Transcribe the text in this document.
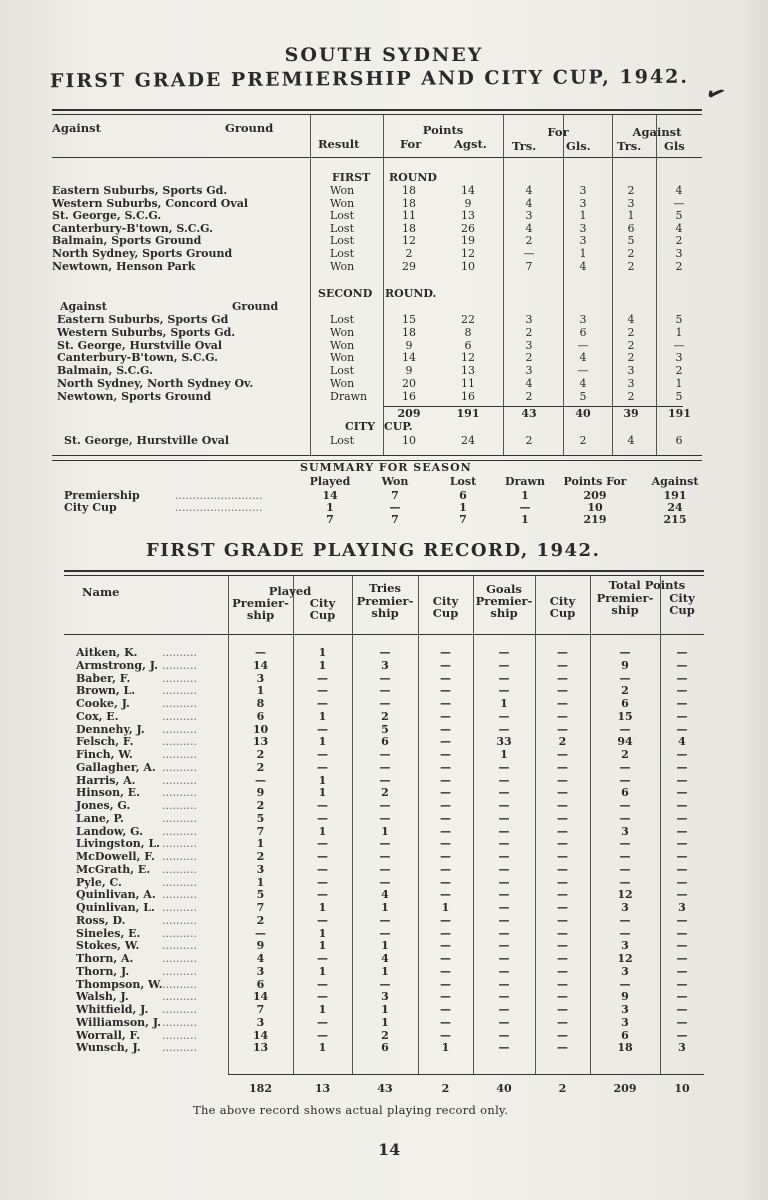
SOUTH SYDNEY
FIRST GRADE PREMIERSHIP AND CITY CUP, 1942.
✔
Against	Ground
Result
Points
For	Agst.
For
Trs.	Gls.
Against
Trs. Gls
FIRST ROUND
Eastern Suburbs, Sports Gd.	Won	18	14	4	3	2	4
Western Suburbs, Concord Oval	Won	18	9	4	3	3	—
St. George, S.C.G.	Lost	11	13	3	1	1	5
Canterbury-B'town, S.C.G.	Lost	18	26	4	3	6	4
Balmain, Sports Ground	Lost	12	19	2	3	5	2
North Sydney, Sports Ground	Lost	2	12	—	1	2	3
Newtown, Henson Park	Won	29	10	7	4	2	2
SECOND ROUND.
Against	Ground
Eastern Suburbs, Sports Gd	Lost	15	22	3	3	4	5
Western Suburbs, Sports Gd.	Won	18	8	2	6	2	1
St. George, Hurstville Oval	Won	9	6	3	—	2	—
Canterbury-B'town, S.C.G.	Won	14	12	2	4	2	3
Balmain, S.C.G.	Lost	9	13	3	—	3	2
North Sydney, North Sydney Ov.	Won	20	11	4	4	3	1
Newtown, Sports Ground	Drawn	16	16	2	5	2	5
209	191	43	40	39	191
CITY CUP.
St. George, Hurstville Oval	Lost	10	24	2	2	4	6
SUMMARY FOR SEASON
Played	Won	Lost	Drawn	Points For	Against
Premiership	.........................	14	7	6	1	209	191
City Cup	.........................	1	—	1	—	10	24
7	7	7	1	219	215
FIRST GRADE PLAYING RECORD, 1942.
Name	Played
Premier-
ship
City
Cup
Tries
Premier-
ship
City
Cup
Goals
Premier-
ship
City
Cup
Total Points
Premier-
ship
City
Cup
Aitken, K. ..........	—	1	—	—	—	—	—	—
Armstrong, J. ..........	14	1	3	—	—	—	9	—
Baber, F.	..........	3	—	—	—	—	—	—	—
Brown, L. ..........	1	—	—	—	—	—	2	—
Cooke, J.	..........	8	—	—	—	1	—	6	—
Cox, E.	..........	6	1	2	—	—	—	15	—
Dennehy, J. ..........	10	—	5	—	—	—	—	—
Felsch, F.	..........	13	1	6	—	33	2	94	4
Finch, W.	..........	2	—	—	—	1	—	2	—
Gallagher, A. ..........	2	—	—	—	—	—	—	—
Harris, A. ..........	—	1	—	—	—	—	—	—
Hinson, E. ..........	9	1	2	—	—	—	6	—
Jones, G.	..........	2	—	—	—	—	—	—	—
Lane, P.	..........	5	—	—	—	—	—	—	—
Landow, G. ..........	7	1	1	—	—	—	3	—
Livingston, L. ..........	1	—	—	—	—	—	—	—
McDowell, F. ..........	2	—	—	—	—	—	—	—
McGrath, E. ..........	3	—	—	—	—	—	—	—
Pyle, C.	..........	1	—	—	—	—	—	—	—
Quinlivan, A. ..........	5	—	4	—	—	—	12	—
Quinlivan, L. ..........	7	1	1	1	—	—	3	3
Ross, D.	..........	2	—	—	—	—	—	—	—
Sineles, E. ..........	—	1	—	—	—	—	—	—
Stokes, W. ..........	9	1	1	—	—	—	3	—
Thorn, A.	..........	4	—	4	—	—	—	12	—
Thorn, J.	..........	3	1	1	—	—	—	3	—
Thompson, W. ..........	6	—	—	—	—	—	—	—
Walsh, J.	..........	14	—	3	—	—	—	9	—
Whitfield, J. ..........	7	1	1	—	—	—	3	—
Williamson, J. ..........	3	—	1	—	—	—	3	—
Worrall, F. ..........	14	—	2	—	—	—	6	—
Wunsch, J. ..........	13	1	6	1	—	—	18	3
182	13	43	2	40	2	209	10
The above record shows actual playing record only.
14
